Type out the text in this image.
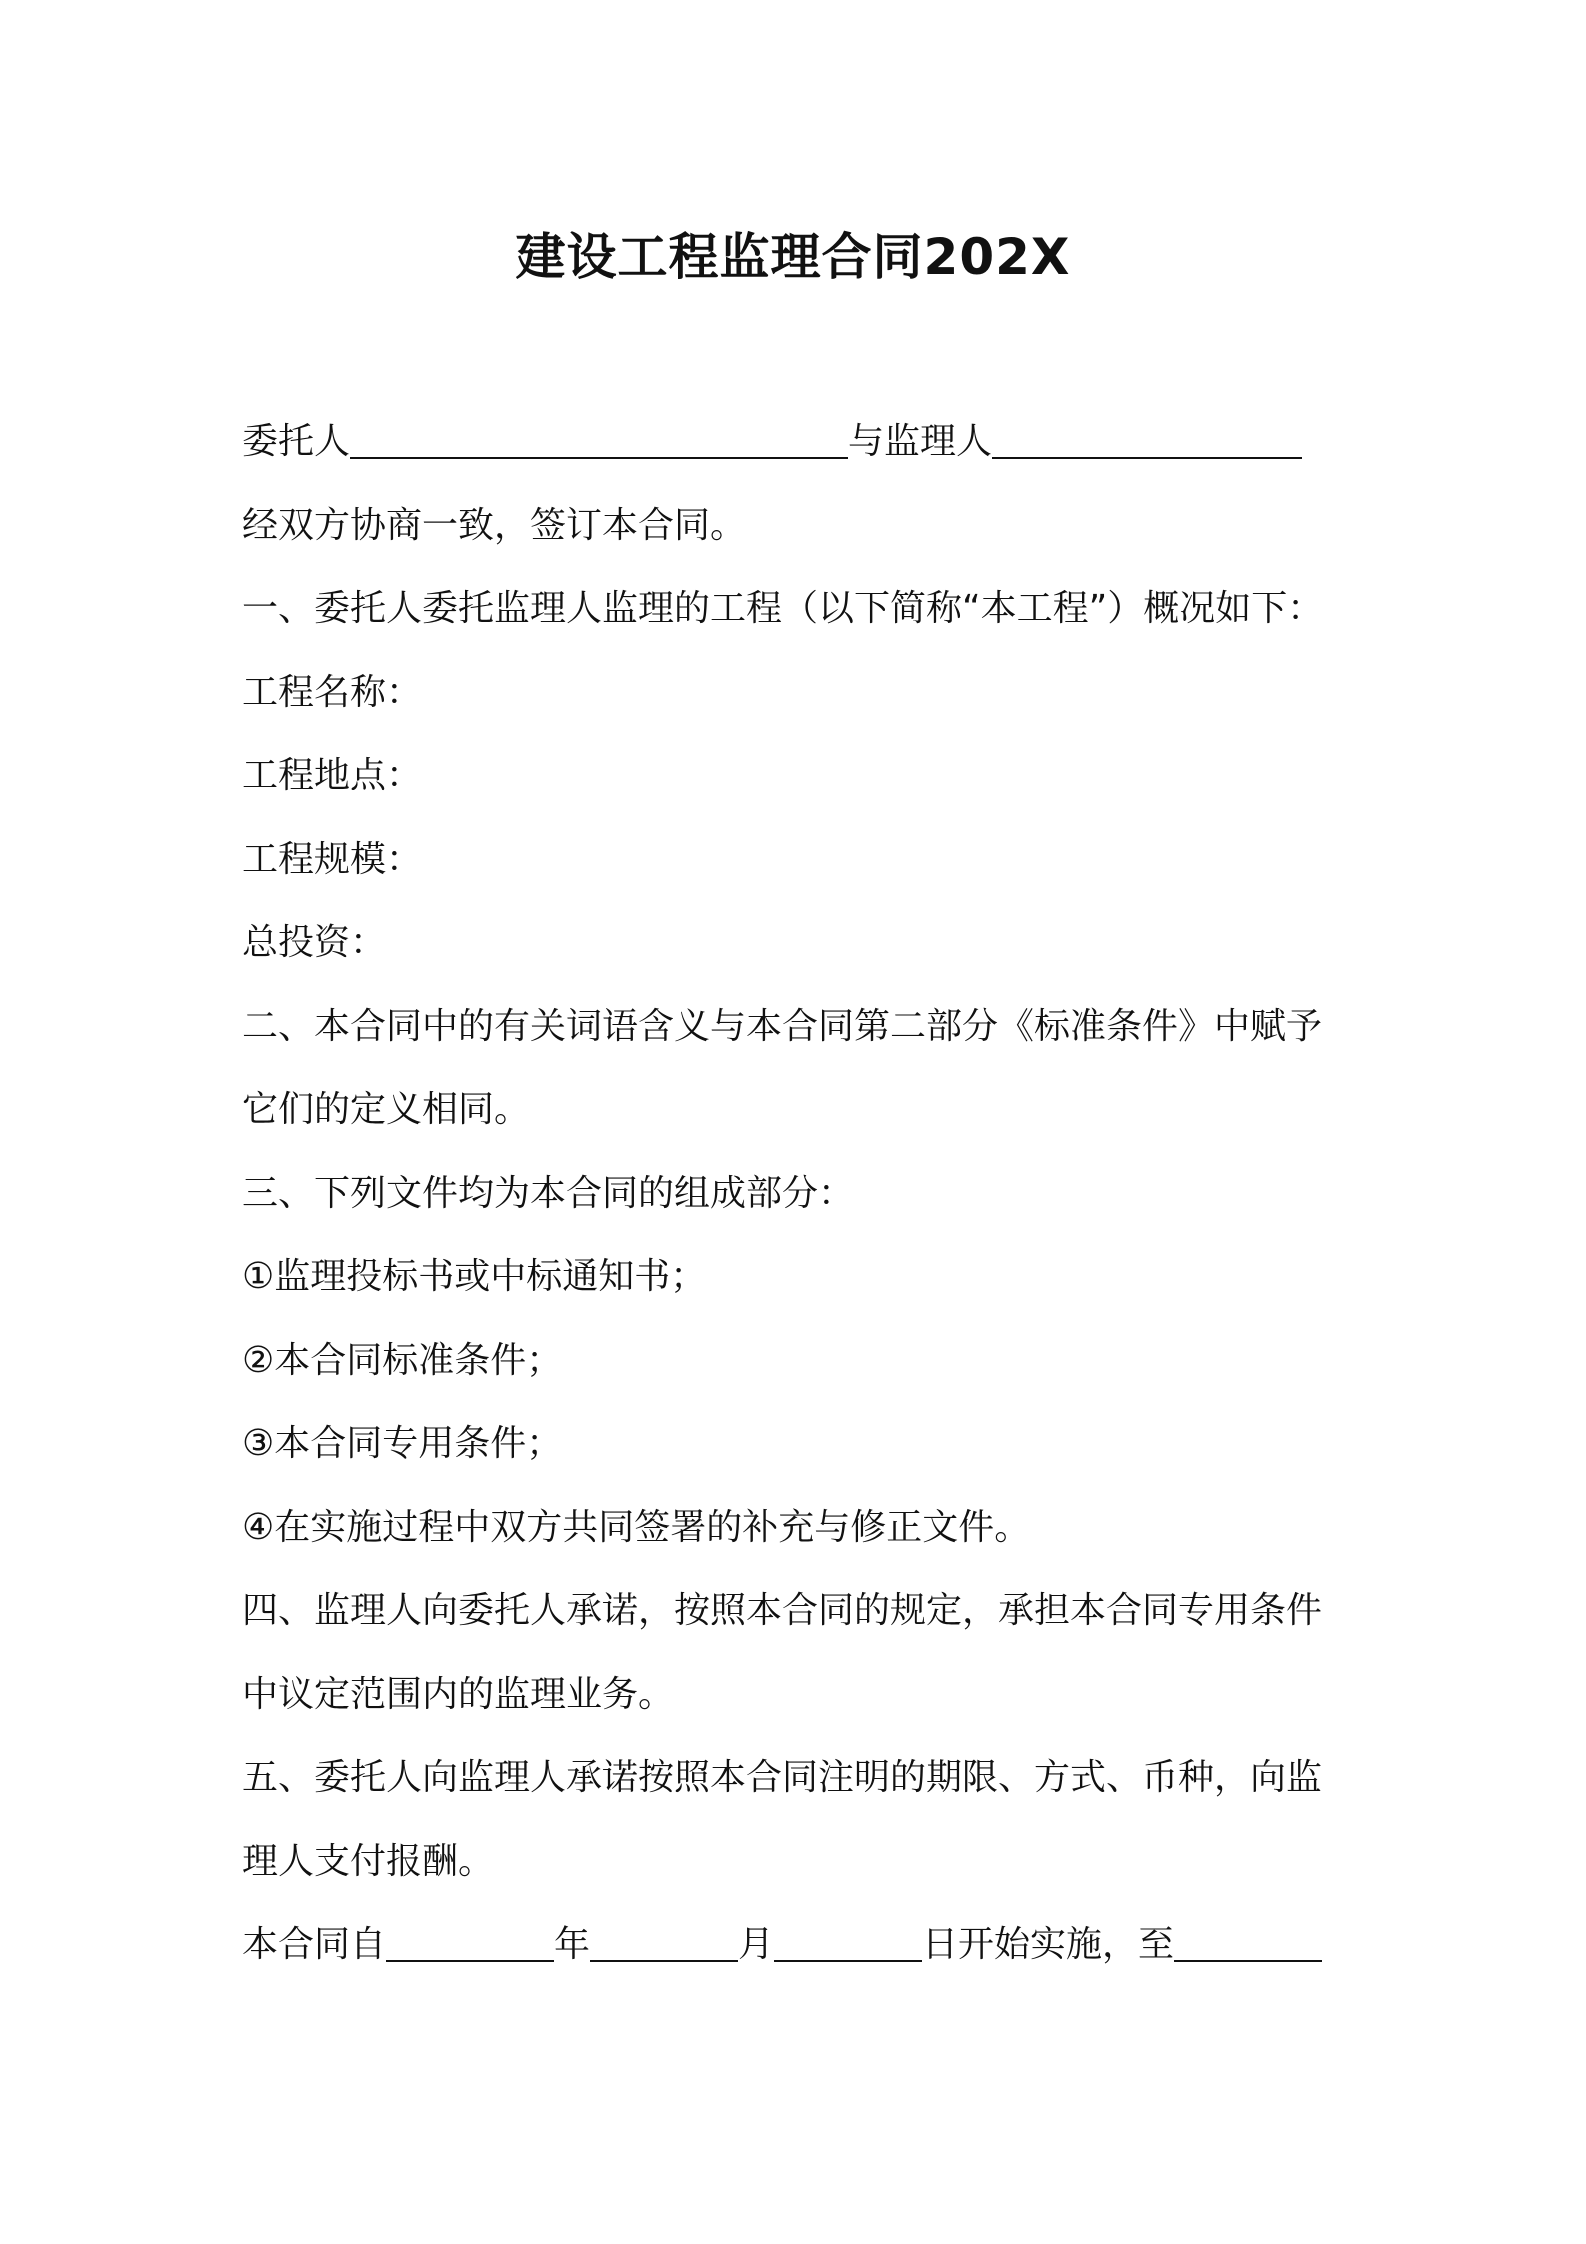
建设工程监理合同202X
委托人	与监理人
经双方协商一致，签订本合同。
一、委托人委托监理人监理的工程（以下简称“本工程”）概况如下：
工程名称：
工程地点：
工程规模：
总投资：
二、本合同中的有关词语含义与本合同第二部分《标准条件》中赋予
它们的定义相同。
三、下列文件均为本合同的组成部分：
①监理投标书或中标通知书；
②本合同标准条件；
③本合同专用条件；
④在实施过程中双方共同签署的补充与修正文件。
四、监理人向委托人承诺，按照本合同的规定，承担本合同专用条件
中议定范围内的监理业务。
五、委托人向监理人承诺按照本合同注明的期限、方式、币种，向监
理人支付报酬。
本合同自	年	月	日开始实施，至
